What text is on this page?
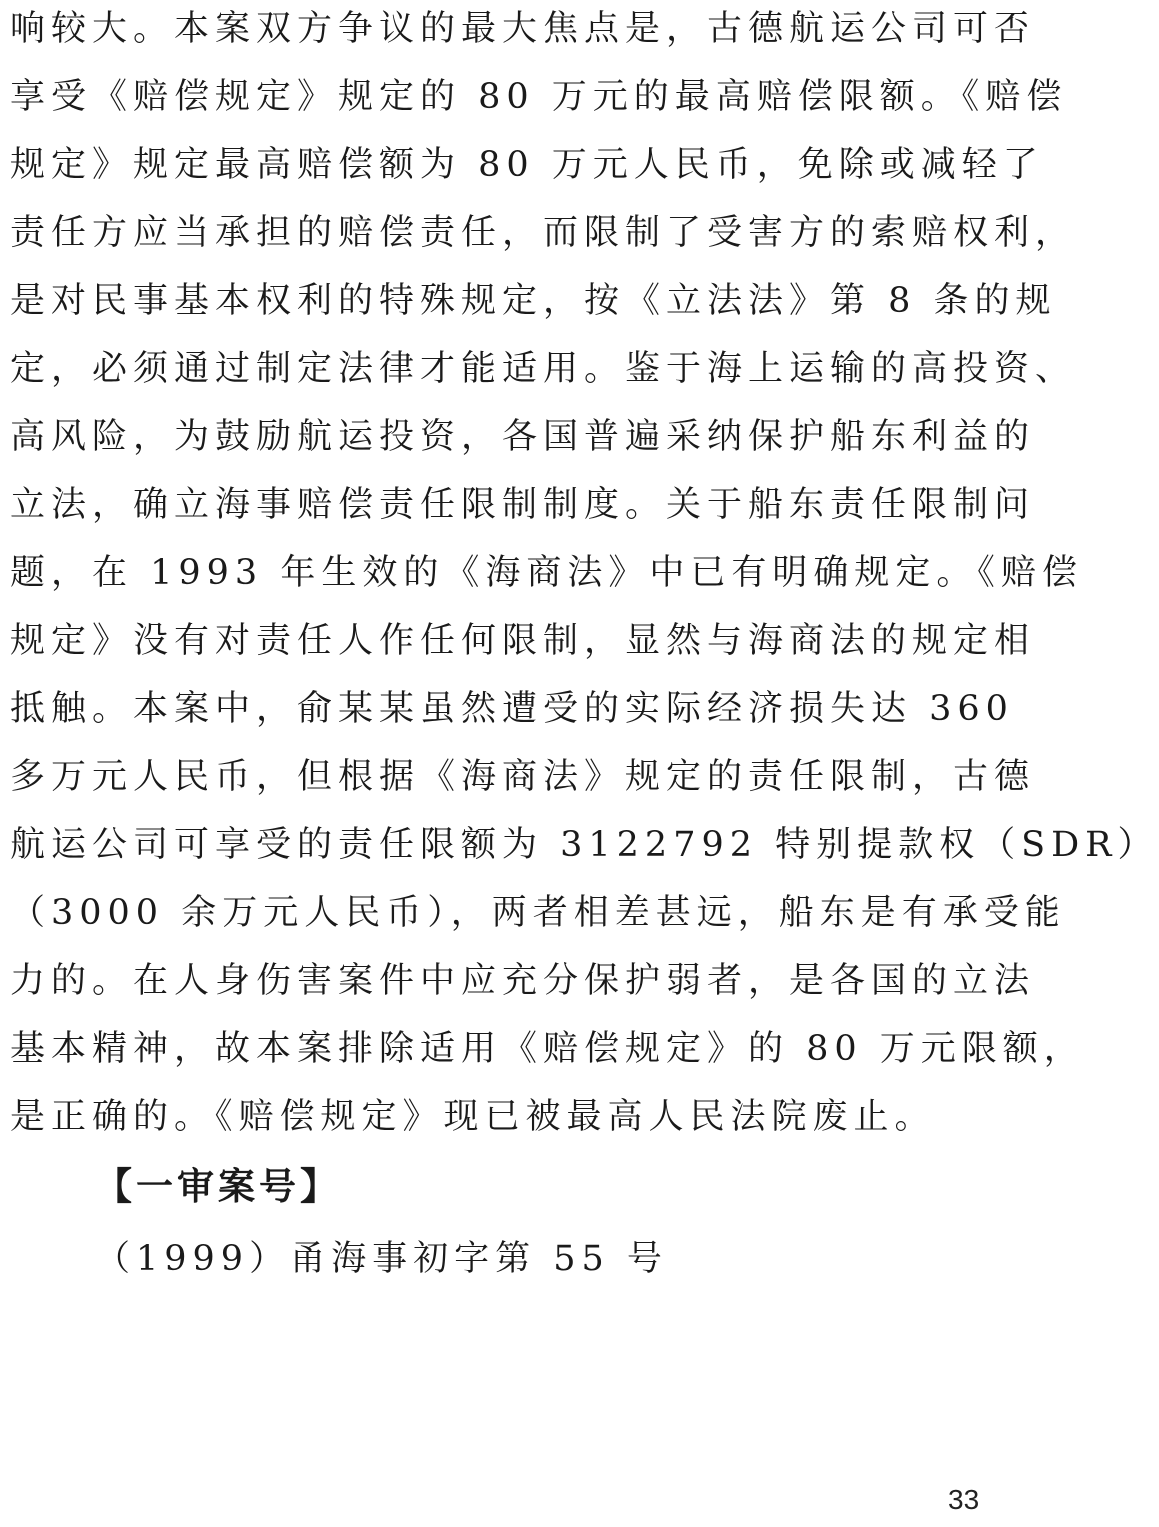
响较大。本案双方争议的最大焦点是，古德航运公司可否
享受《赔偿规定》规定的 80 万元的最高赔偿限额。《赔偿
规定》规定最高赔偿额为 80 万元人民币，免除或减轻了
责任方应当承担的赔偿责任，而限制了受害方的索赔权利，
是对民事基本权利的特殊规定，按《立法法》第 8 条的规
定，必须通过制定法律才能适用。鉴于海上运输的高投资、
高风险，为鼓励航运投资，各国普遍采纳保护船东利益的
立法，确立海事赔偿责任限制制度。关于船东责任限制问
题，在 1993 年生效的《海商法》中已有明确规定。《赔偿
规定》没有对责任人作任何限制，显然与海商法的规定相
抵触。本案中，俞某某虽然遭受的实际经济损失达 360
多万元人民币，但根据《海商法》规定的责任限制，古德
航运公司可享受的责任限额为 3122792 特别提款权（SDR）
（3000 余万元人民币），两者相差甚远，船东是有承受能
力的。在人身伤害案件中应充分保护弱者，是各国的立法
基本精神，故本案排除适用《赔偿规定》的 80 万元限额，
是正确的。《赔偿规定》现已被最高人民法院废止。
【一审案号】

（1999）甬海事初字第 55 号

33
